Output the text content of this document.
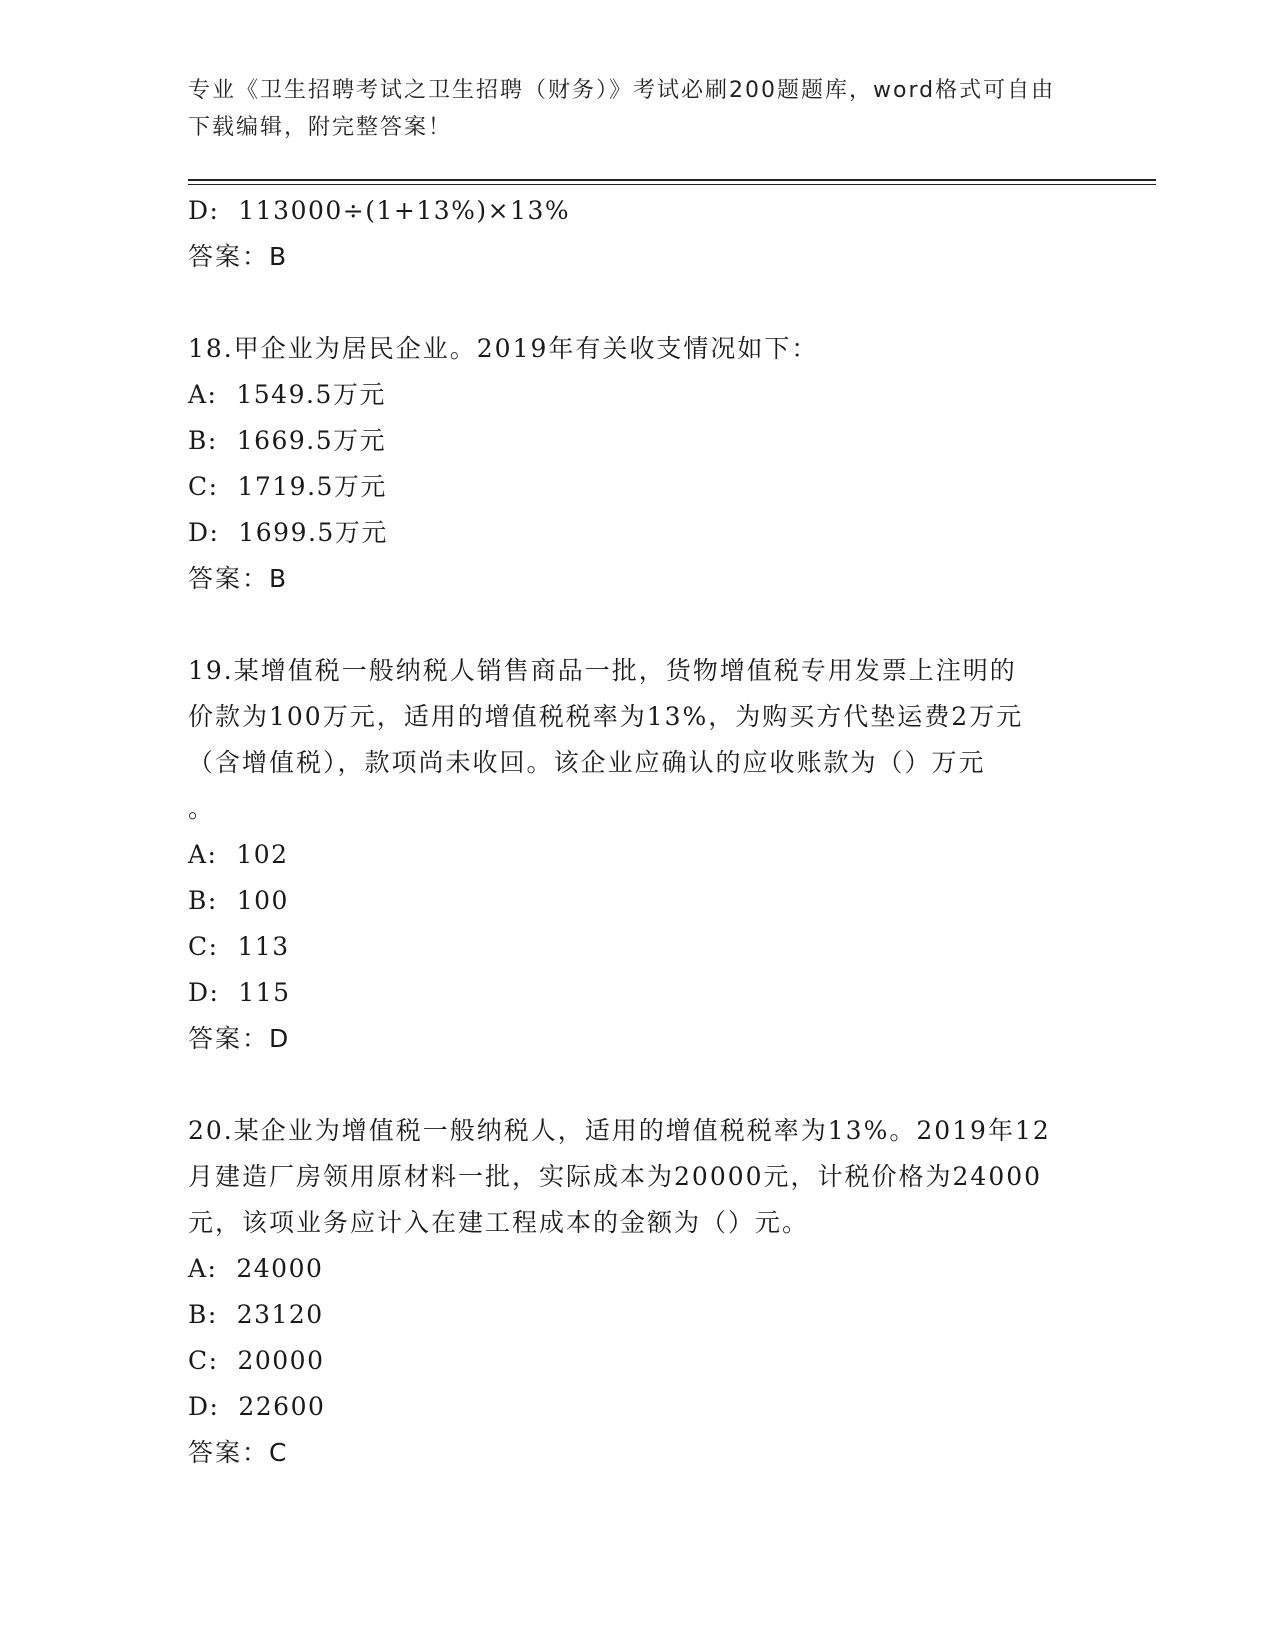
专业《卫生招聘考试之卫生招聘（财务）》考试必刷200题题库，word格式可自由下载编辑，附完整答案！
D:  113000÷(1+13%)×13%
答案：B
18.甲企业为居民企业。2019年有关收支情况如下：
A:  1549.5万元
B:  1669.5万元
C:  1719.5万元
D:  1699.5万元
答案：B
19.某增值税一般纳税人销售商品一批，货物增值税专用发票上注明的
价款为100万元，适用的增值税税率为13%，为购买方代垫运费2万元
（含增值税），款项尚未收回。该企业应确认的应收账款为（）万元
。
A:  102
B:  100
C:  113
D:  115
答案：D
20.某企业为增值税一般纳税人，适用的增值税税率为13%。2019年12
月建造厂房领用原材料一批，实际成本为20000元，计税价格为24000
元，该项业务应计入在建工程成本的金额为（）元。
A:  24000
B:  23120
C:  20000
D:  22600
答案：C
